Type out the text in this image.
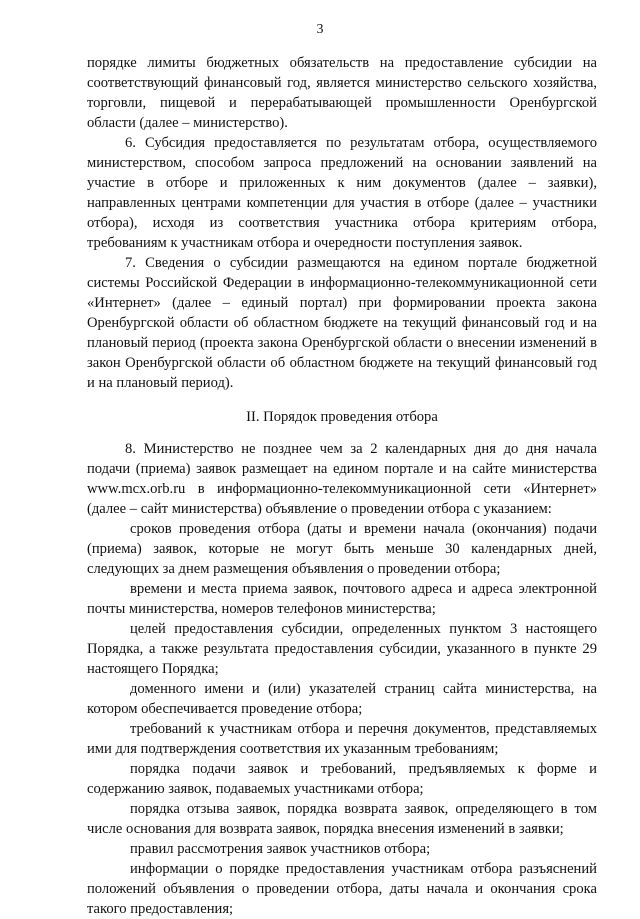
3

порядке лимиты бюджетных обязательств на предоставление субсидии на соответствующий финансовый год, является министерство сельского хозяйства, торговли, пищевой и перерабатывающей промышленности Оренбургской области (далее – министерство).

6. Субсидия предоставляется по результатам отбора, осуществляемого министерством, способом запроса предложений на основании заявлений на участие в отборе и приложенных к ним документов (далее – заявки), направленных центрами компетенции для участия в отборе (далее – участники отбора), исходя из соответствия участника отбора критериям отбора, требованиям к участникам отбора и очередности поступления заявок.

7. Сведения о субсидии размещаются на едином портале бюджетной системы Российской Федерации в информационно-телекоммуникационной сети «Интернет» (далее – единый портал) при формировании проекта закона Оренбургской области об областном бюджете на текущий финансовый год и на плановый период (проекта закона Оренбургской области о внесении изменений в закон Оренбургской области об областном бюджете на текущий финансовый год и на плановый период).

II. Порядок проведения отбора

8. Министерство не позднее чем за 2 календарных дня до дня начала подачи (приема) заявок размещает на едином портале и на сайте министерства www.mcx.orb.ru в информационно-телекоммуникационной сети «Интернет» (далее – сайт министерства) объявление о проведении отбора с указанием:

сроков проведения отбора (даты и времени начала (окончания) подачи (приема) заявок, которые не могут быть меньше 30 календарных дней, следующих за днем размещения объявления о проведении отбора;

времени и места приема заявок, почтового адреса и адреса электронной почты министерства, номеров телефонов министерства;

целей предоставления субсидии, определенных пунктом 3 настоящего Порядка, а также результата предоставления субсидии, указанного в пункте 29 настоящего Порядка;

доменного имени и (или) указателей страниц сайта министерства, на котором обеспечивается проведение отбора;

требований к участникам отбора и перечня документов, представляемых ими для подтверждения соответствия их указанным требованиям;

порядка подачи заявок и требований, предъявляемых к форме и содержанию заявок, подаваемых участниками отбора;

порядка отзыва заявок, порядка возврата заявок, определяющего в том числе основания для возврата заявок, порядка внесения изменений в заявки;

правил рассмотрения заявок участников отбора;

информации о порядке предоставления участникам отбора разъяснений положений объявления о проведении отбора, даты начала и окончания срока такого предоставления;
